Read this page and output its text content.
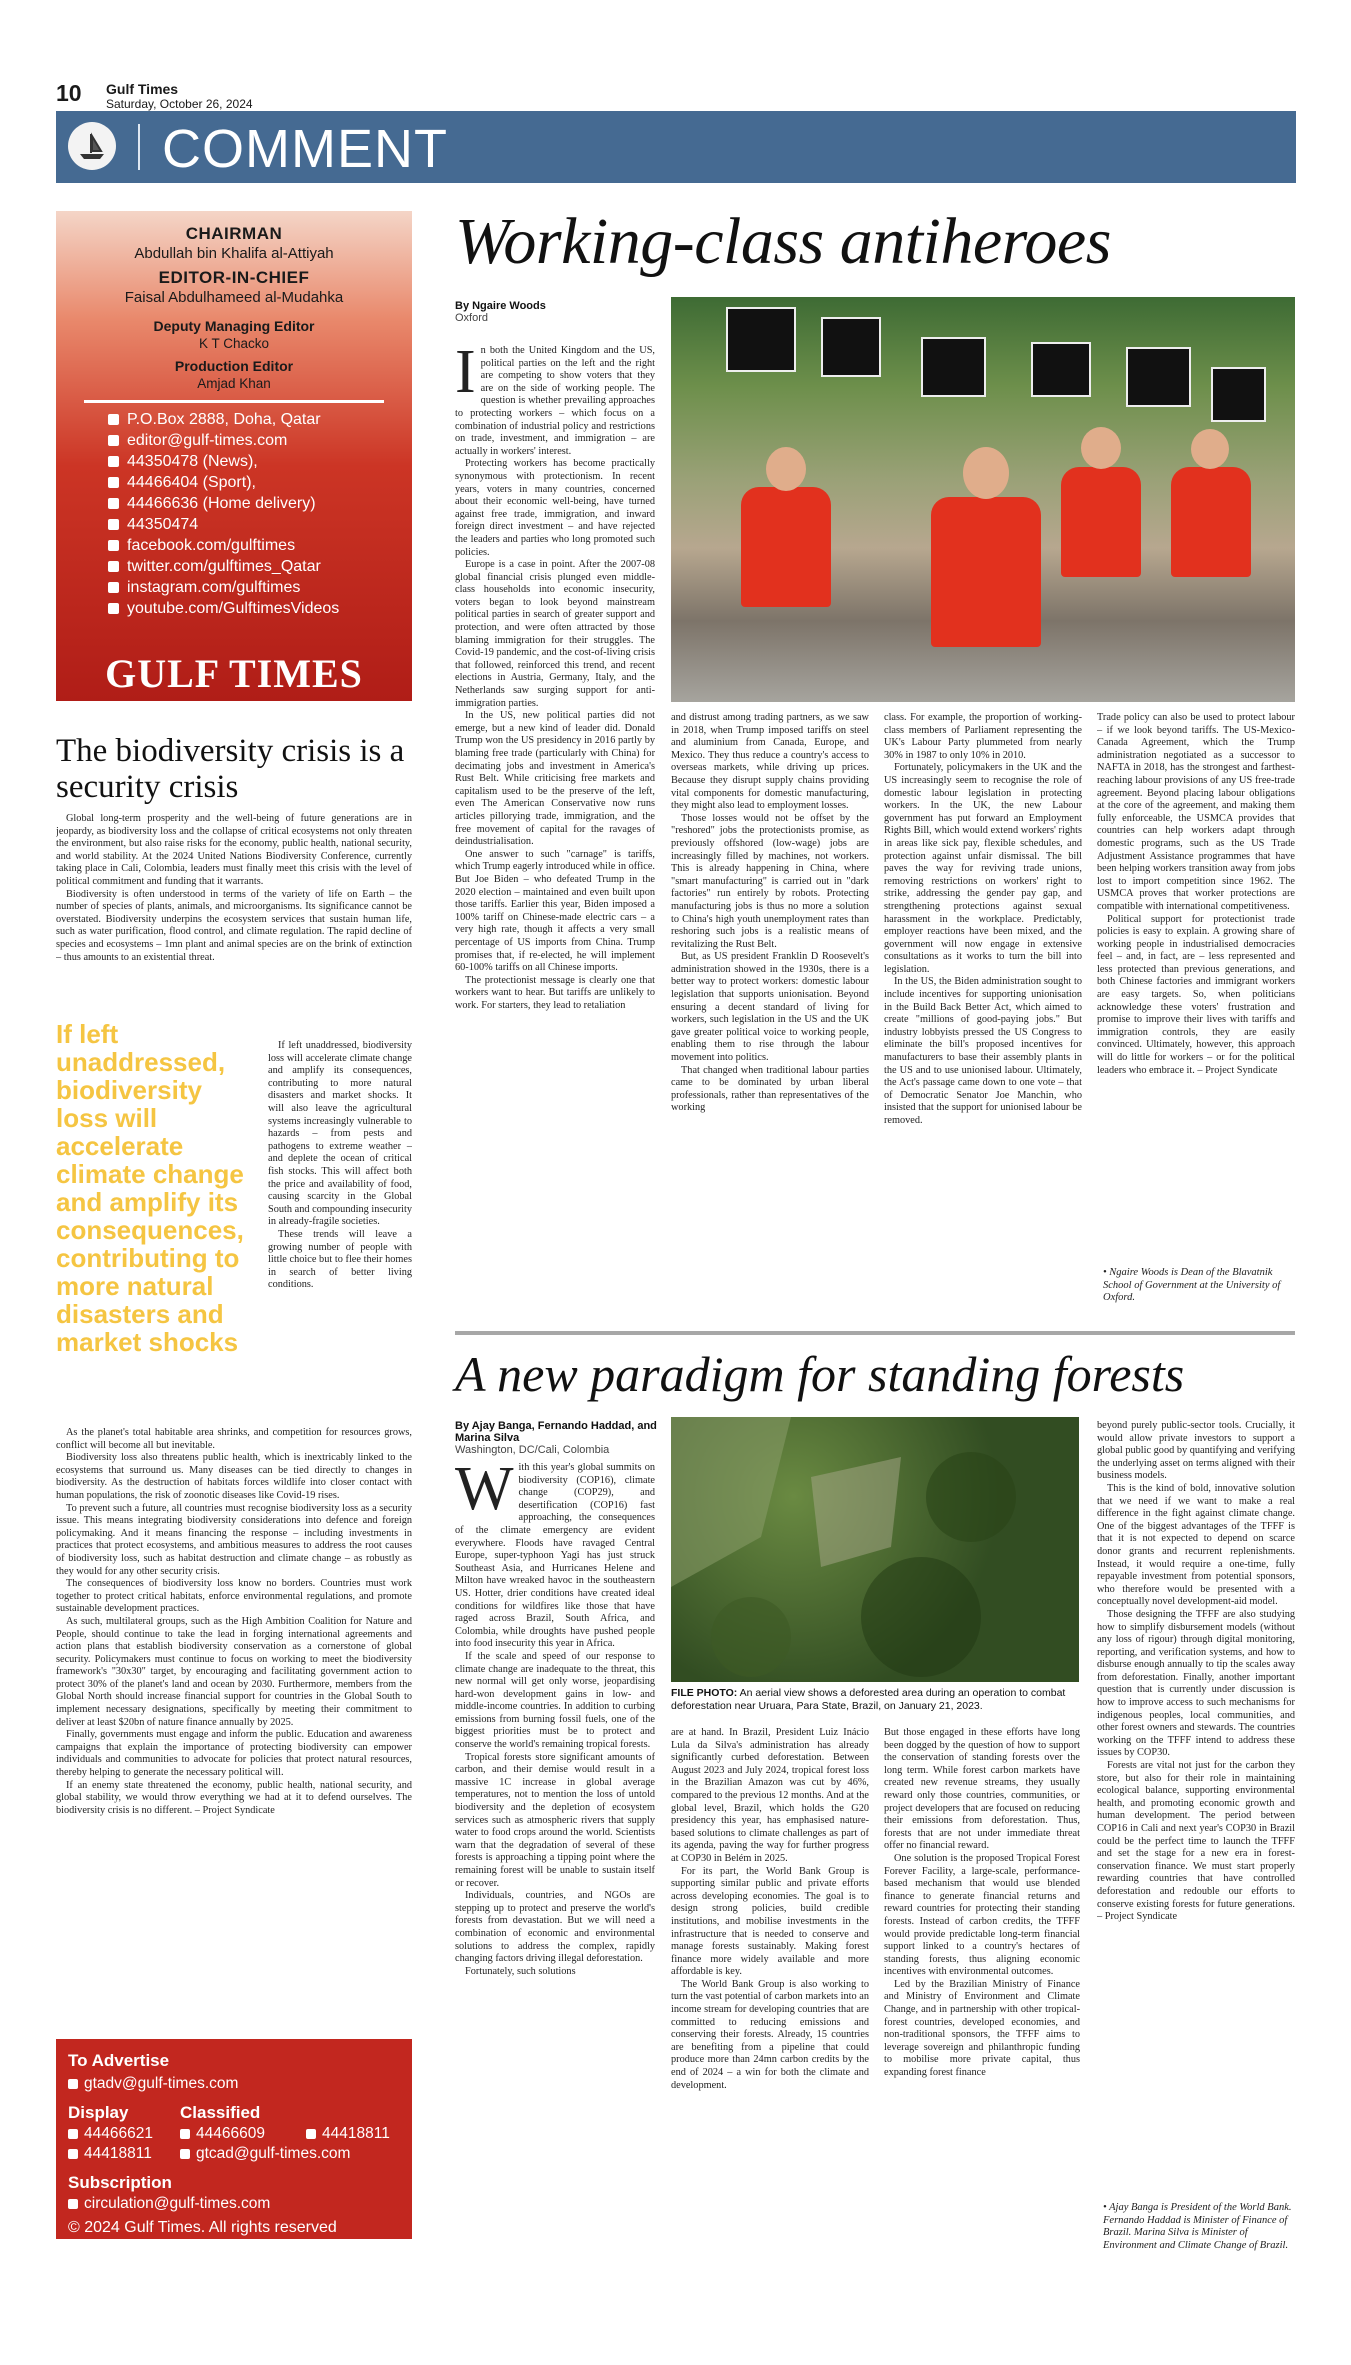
10 Gulf Times
Saturday, October 26, 2024
COMMENT
CHAIRMAN
Abdullah bin Khalifa al-Attiyah
EDITOR-IN-CHIEF
Faisal Abdulhameed al-Mudahka
Deputy Managing Editor
K T Chacko
Production Editor
Amjad Khan
P.O.Box 2888, Doha, Qatar
editor@gulf-times.com
44350478 (News),
44466404 (Sport),
44466636 (Home delivery)
44350474
facebook.com/gulftimes
twitter.com/gulftimes_Qatar
instagram.com/gulftimes
youtube.com/GulftimesVideos
GULF TIMES
The biodiversity crisis is a security crisis

Global long-term prosperity and the well-being of future generations are in jeopardy, as biodiversity loss and the collapse of critical ecosystems not only threaten the environment, but also raise risks for the economy, public health, national security, and world stability. At the 2024 United Nations Biodiversity Conference, currently taking place in Cali, Colombia, leaders must finally meet this crisis with the level of political commitment and funding that it warrants.

Biodiversity is often understood in terms of the variety of life on Earth – the number of species of plants, animals, and microorganisms. Its significance cannot be overstated. Biodiversity underpins the ecosystem services that sustain human life, such as water purification, flood control, and climate regulation. The rapid decline of species and ecosystems – 1mn plant and animal species are on the brink of extinction – thus amounts to an existential threat.

If left unaddressed, biodiversity loss will accelerate climate change and amplify its consequences, contributing to more natural disasters and market shocks

If left unaddressed, biodiversity loss will accelerate climate change and amplify its consequences, contributing to more natural disasters and market shocks. It will also leave the agricultural systems increasingly vulnerable to hazards – from pests and pathogens to extreme weather – and deplete the ocean of critical fish stocks. This will affect both the price and availability of food, causing scarcity in the Global South and compounding insecurity in already-fragile societies.

These trends will leave a growing number of people with little choice but to flee their homes in search of better living conditions.

As the planet's total habitable area shrinks, and competition for resources grows, conflict will become all but inevitable.

Biodiversity loss also threatens public health, which is inextricably linked to the ecosystems that surround us. Many diseases can be tied directly to changes in biodiversity. As the destruction of habitats forces wildlife into closer contact with human populations, the risk of zoonotic diseases like Covid-19 rises.

To prevent such a future, all countries must recognise biodiversity loss as a security issue. This means integrating biodiversity considerations into defence and foreign policymaking. And it means financing the response – including investments in practices that protect ecosystems, and ambitious measures to address the root causes of biodiversity loss, such as habitat destruction and climate change – as robustly as they would for any other security crisis.

The consequences of biodiversity loss know no borders. Countries must work together to protect critical habitats, enforce environmental regulations, and promote sustainable development practices.

As such, multilateral groups, such as the High Ambition Coalition for Nature and People, should continue to take the lead in forging international agreements and action plans that establish biodiversity conservation as a cornerstone of global security. Policymakers must continue to focus on working to meet the biodiversity framework's "30x30" target, by encouraging and facilitating government action to protect 30% of the planet's land and ocean by 2030. Furthermore, members from the Global North should increase financial support for countries in the Global South to implement necessary designations, specifically by meeting their commitment to deliver at least $20bn of nature finance annually by 2025.

Finally, governments must engage and inform the public. Education and awareness campaigns that explain the importance of protecting biodiversity can empower individuals and communities to advocate for policies that protect natural resources, thereby helping to generate the necessary political will.

If an enemy state threatened the economy, public health, national security, and global stability, we would throw everything we had at it to defend ourselves. The biodiversity crisis is no different. – Project Syndicate

To Advertise
gtadv@gulf-times.com
Display
44466621
44418811
Classified
44466609	44418811
gtcad@gulf-times.com
Subscription
circulation@gulf-times.com
© 2024 Gulf Times. All rights reserved
Working-class antiheroes
By Ngaire Woods
Oxford

In both the United Kingdom and the US, political parties on the left and the right are competing to show voters that they are on the side of working people. The question is whether prevailing approaches to protecting workers – which focus on a combination of industrial policy and restrictions on trade, investment, and immigration – are actually in workers' interest.

Protecting workers has become practically synonymous with protectionism. In recent years, voters in many countries, concerned about their economic well-being, have turned against free trade, immigration, and inward foreign direct investment – and have rejected the leaders and parties who long promoted such policies.

Europe is a case in point. After the 2007-08 global financial crisis plunged even middle-class households into economic insecurity, voters began to look beyond mainstream political parties in search of greater support and protection, and were often attracted by those blaming immigration for their struggles. The Covid-19 pandemic, and the cost-of-living crisis that followed, reinforced this trend, and recent elections in Austria, Germany, Italy, and the Netherlands saw surging support for anti-immigration parties.

In the US, new political parties did not emerge, but a new kind of leader did. Donald Trump won the US presidency in 2016 partly by blaming free trade (particularly with China) for decimating jobs and investment in America's Rust Belt. While criticising free markets and capitalism used to be the preserve of the left, even The American Conservative now runs articles pillorying trade, immigration, and the free movement of capital for the ravages of deindustrialisation.

One answer to such "carnage" is tariffs, which Trump eagerly introduced while in office. But Joe Biden – who defeated Trump in the 2020 election – maintained and even built upon those tariffs. Earlier this year, Biden imposed a 100% tariff on Chinese-made electric cars – a very high rate, though it affects a very small percentage of US imports from China. Trump promises that, if re-elected, he will implement 60-100% tariffs on all Chinese imports.

The protectionist message is clearly one that workers want to hear. But tariffs are unlikely to work. For starters, they lead to retaliation

and distrust among trading partners, as we saw in 2018, when Trump imposed tariffs on steel and aluminium from Canada, Europe, and Mexico. They thus reduce a country's access to overseas markets, while driving up prices. Because they disrupt supply chains providing vital components for domestic manufacturing, they might also lead to employment losses.

Those losses would not be offset by the "reshored" jobs the protectionists promise, as previously offshored (low-wage) jobs are increasingly filled by machines, not workers. This is already happening in China, where "smart manufacturing" is carried out in "dark factories" run entirely by robots. Protecting manufacturing jobs is thus no more a solution to China's high youth unemployment rates than reshoring such jobs is a realistic means of revitalizing the Rust Belt.

But, as US president Franklin D Roosevelt's administration showed in the 1930s, there is a better way to protect workers: domestic labour legislation that supports unionisation. Beyond ensuring a decent standard of living for workers, such legislation in the US and the UK gave greater political voice to working people, enabling them to rise through the labour movement into politics.

That changed when traditional labour parties came to be dominated by urban liberal professionals, rather than representatives of the working

class. For example, the proportion of working-class members of Parliament representing the UK's Labour Party plummeted from nearly 30% in 1987 to only 10% in 2010.

Fortunately, policymakers in the UK and the US increasingly seem to recognise the role of domestic labour legislation in protecting workers. In the UK, the new Labour government has put forward an Employment Rights Bill, which would extend workers' rights in areas like sick pay, flexible schedules, and protection against unfair dismissal. The bill paves the way for reviving trade unions, removing restrictions on workers' right to strike, addressing the gender pay gap, and strengthening protections against sexual harassment in the workplace. Predictably, employer reactions have been mixed, and the government will now engage in extensive consultations as it works to turn the bill into legislation.

In the US, the Biden administration sought to include incentives for supporting unionisation in the Build Back Better Act, which aimed to create "millions of good-paying jobs." But industry lobbyists pressed the US Congress to eliminate the bill's proposed incentives for manufacturers to base their assembly plants in the US and to use unionised labour. Ultimately, the Act's passage came down to one vote – that of Democratic Senator Joe Manchin, who insisted that the support for unionised labour be removed.

Trade policy can also be used to protect labour – if we look beyond tariffs. The US-Mexico-Canada Agreement, which the Trump administration negotiated as a successor to NAFTA in 2018, has the strongest and farthest-reaching labour provisions of any US free-trade agreement. Beyond placing labour obligations at the core of the agreement, and making them fully enforceable, the USMCA provides that countries can help workers adapt through domestic programs, such as the US Trade Adjustment Assistance programmes that have been helping workers transition away from jobs lost to import competition since 1962. The USMCA proves that worker protections are compatible with international competitiveness.

Political support for protectionist trade policies is easy to explain. A growing share of working people in industrialised democracies feel – and, in fact, are – less represented and less protected than previous generations, and both Chinese factories and immigrant workers are easy targets. So, when politicians acknowledge these voters' frustration and promise to improve their lives with tariffs and immigration controls, they are easily convinced. Ultimately, however, this approach will do little for workers – or for the political leaders who embrace it. – Project Syndicate

• Ngaire Woods is Dean of the Blavatnik School of Government at the University of Oxford.
A new paradigm for standing forests
By Ajay Banga, Fernando Haddad, and Marina Silva
Washington, DC/Cali, Colombia
FILE PHOTO: An aerial view shows a deforested area during an operation to combat deforestation near Uruara, Para State, Brazil, on January 21, 2023.

With this year's global summits on biodiversity (COP16), climate change (COP29), and desertification (COP16) fast approaching, the consequences of the climate emergency are evident everywhere. Floods have ravaged Central Europe, super-typhoon Yagi has just struck Southeast Asia, and Hurricanes Helene and Milton have wreaked havoc in the southeastern US. Hotter, drier conditions have created ideal conditions for wildfires like those that have raged across Brazil, South Africa, and Colombia, while droughts have pushed people into food insecurity this year in Africa.

If the scale and speed of our response to climate change are inadequate to the threat, this new normal will get only worse, jeopardising hard-won development gains in low- and middle-income countries. In addition to curbing emissions from burning fossil fuels, one of the biggest priorities must be to protect and conserve the world's remaining tropical forests.

Tropical forests store significant amounts of carbon, and their demise would result in a massive 1C increase in global average temperatures, not to mention the loss of untold biodiversity and the depletion of ecosystem services such as atmospheric rivers that supply water to food crops around the world. Scientists warn that the degradation of several of these forests is approaching a tipping point where the remaining forest will be unable to sustain itself or recover.

Individuals, countries, and NGOs are stepping up to protect and preserve the world's forests from devastation. But we will need a combination of economic and environmental solutions to address the complex, rapidly changing factors driving illegal deforestation.

Fortunately, such solutions

are at hand. In Brazil, President Luiz Inácio Lula da Silva's administration has already significantly curbed deforestation. Between August 2023 and July 2024, tropical forest loss in the Brazilian Amazon was cut by 46%, compared to the previous 12 months. And at the global level, Brazil, which holds the G20 presidency this year, has emphasised nature-based solutions to climate challenges as part of its agenda, paving the way for further progress at COP30 in Belém in 2025.

For its part, the World Bank Group is supporting similar public and private efforts across developing economies. The goal is to design strong policies, build credible institutions, and mobilise investments in the infrastructure that is needed to conserve and manage forests sustainably. Making forest finance more widely available and more affordable is key.

The World Bank Group is also working to turn the vast potential of carbon markets into an income stream for developing countries that are committed to reducing emissions and conserving their forests. Already, 15 countries are benefiting from a pipeline that could produce more than 24mn carbon credits by the end of 2024 – a win for both the climate and development.

But those engaged in these efforts have long been dogged by the question of how to support the conservation of standing forests over the long term. While forest carbon markets have created new revenue streams, they usually reward only those countries, communities, or project developers that are focused on reducing their emissions from deforestation. Thus, forests that are not under immediate threat offer no financial reward.

One solution is the proposed Tropical Forest Forever Facility, a large-scale, performance-based mechanism that would use blended finance to generate financial returns and reward countries for protecting their standing forests. Instead of carbon credits, the TFFF would provide predictable long-term financial support linked to a country's hectares of standing forests, thus aligning economic incentives with environmental outcomes.

Led by the Brazilian Ministry of Finance and Ministry of Environment and Climate Change, and in partnership with other tropical-forest countries, developed economies, and non-traditional sponsors, the TFFF aims to leverage sovereign and philanthropic funding to mobilise more private capital, thus expanding forest finance

beyond purely public-sector tools. Crucially, it would allow private investors to support a global public good by quantifying and verifying the underlying asset on terms aligned with their business models.

This is the kind of bold, innovative solution that we need if we want to make a real difference in the fight against climate change. One of the biggest advantages of the TFFF is that it is not expected to depend on scarce donor grants and recurrent replenishments. Instead, it would require a one-time, fully repayable investment from potential sponsors, who therefore would be presented with a conceptually novel development-aid model.

Those designing the TFFF are also studying how to simplify disbursement models (without any loss of rigour) through digital monitoring, reporting, and verification systems, and how to disburse enough annually to tip the scales away from deforestation. Finally, another important question that is currently under discussion is how to improve access to such mechanisms for indigenous peoples, local communities, and other forest owners and stewards. The countries working on the TFFF intend to address these issues by COP30.

Forests are vital not just for the carbon they store, but also for their role in maintaining ecological balance, supporting environmental health, and promoting economic growth and human development. The period between COP16 in Cali and next year's COP30 in Brazil could be the perfect time to launch the TFFF and set the stage for a new era in forest-conservation finance. We must start properly rewarding countries that have controlled deforestation and redouble our efforts to conserve existing forests for future generations. – Project Syndicate

• Ajay Banga is President of the World Bank. Fernando Haddad is Minister of Finance of Brazil. Marina Silva is Minister of Environment and Climate Change of Brazil.
